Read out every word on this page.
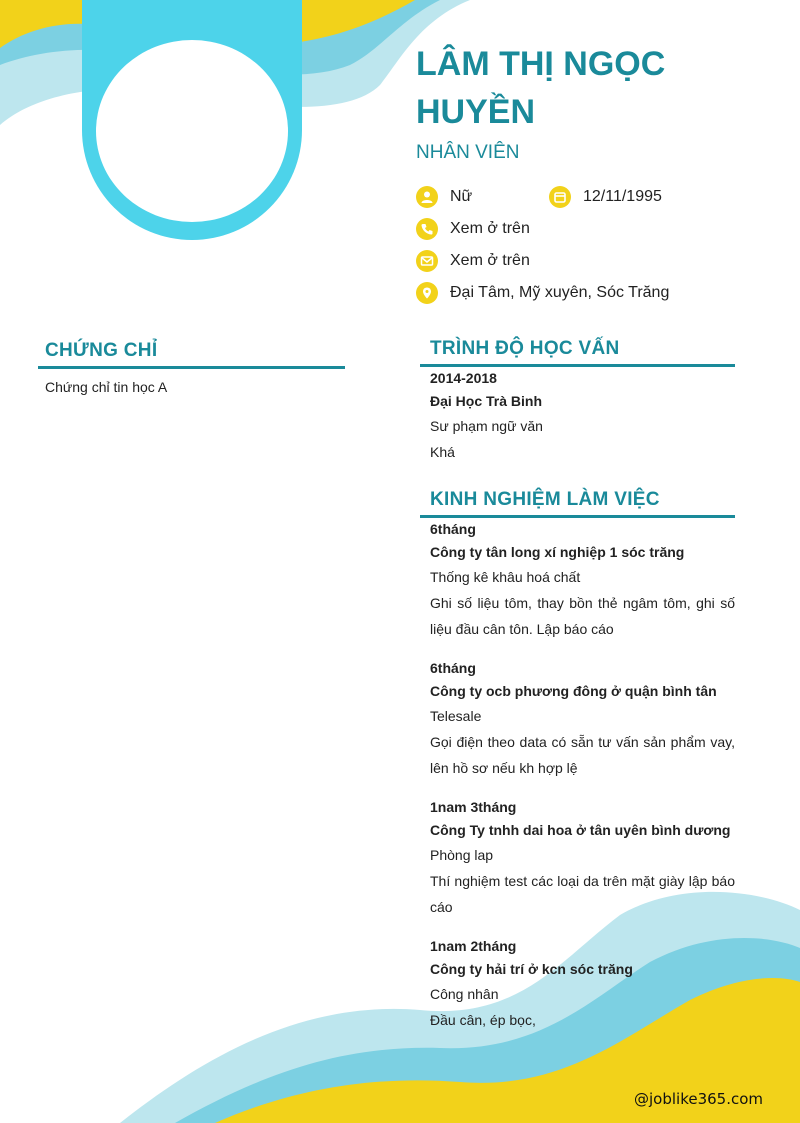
LÂM THỊ NGỌC HUYỀN
NHÂN VIÊN
Nữ	12/11/1995
Xem ở trên
Xem ở trên
Đại Tâm, Mỹ xuyên, Sóc Trăng
CHỨNG CHỈ
Chứng chỉ tin học A
TRÌNH ĐỘ HỌC VẤN
2014-2018
Đại Học Trà Binh
Sư phạm ngữ văn
Khá
KINH NGHIỆM LÀM VIỆC
6tháng
Công ty tân long xí nghiệp 1 sóc trăng
Thống kê khâu hoá chất
Ghi số liệu tôm, thay bồn thẻ ngâm tôm, ghi số liệu đầu cân tôn. Lập báo cáo
6tháng
Công ty ocb phương đông ở quận bình tân
Telesale
Gọi điện theo data có sẵn tư vấn sản phẩm vay, lên hồ sơ nếu kh hợp lệ
1nam 3tháng
Công Ty tnhh dai hoa ở tân uyên bình dương
Phòng lap
Thí nghiệm test các loại da trên mặt giày lập báo cáo
1nam 2tháng
Công ty hải trí ở kcn sóc trăng
Công nhân
Đầu cân, ép bọc,
@joblike365.com
